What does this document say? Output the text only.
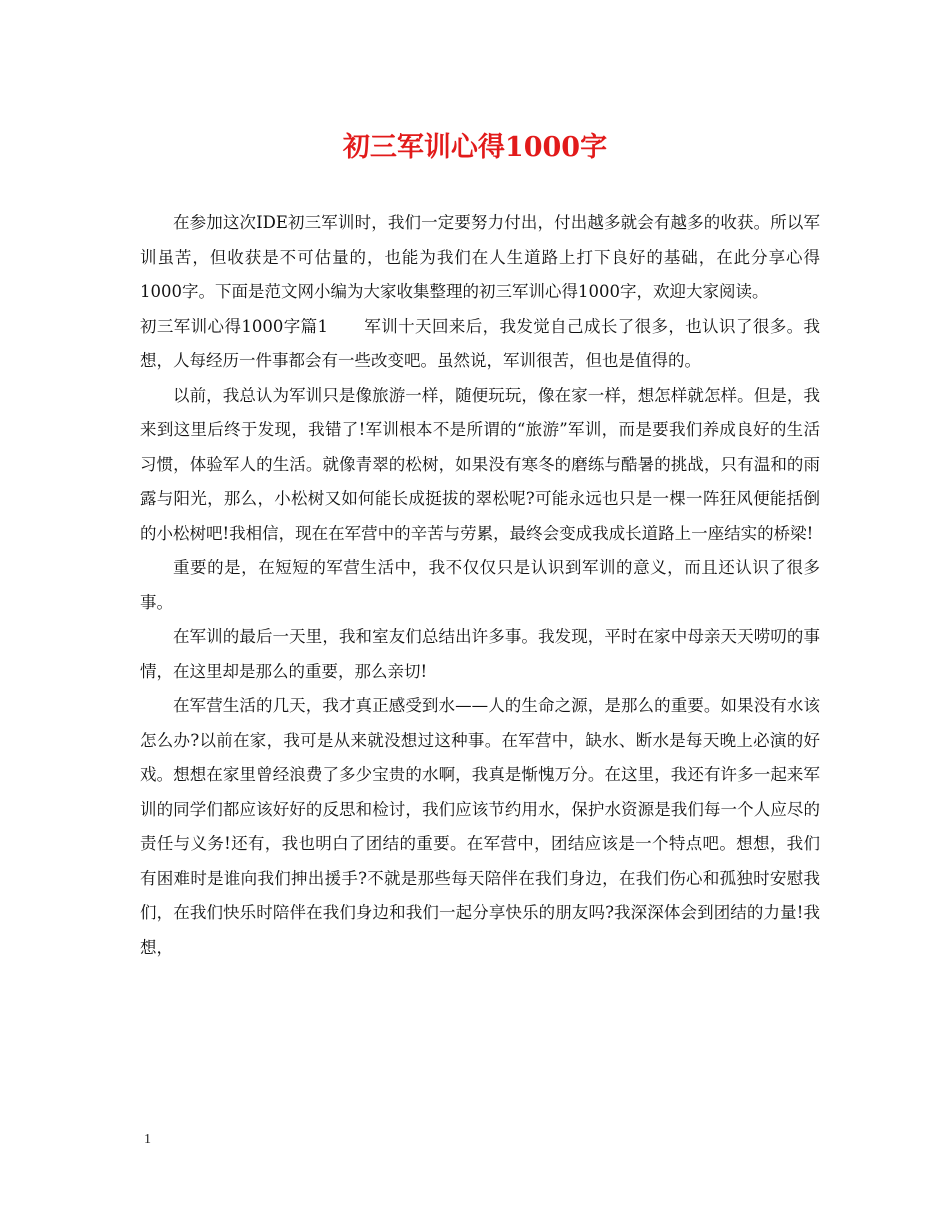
初三军训心得1000字

在参加这次IDE初三军训时，我们一定要努力付出，付出越多就会有越多的收获。所以军训虽苦，但收获是不可估量的，也能为我们在人生道路上打下良好的基础，在此分享心得1000字。下面是范文网小编为大家收集整理的初三军训心得1000字，欢迎大家阅读。

初三军训心得1000字篇1 军训十天回来后，我发觉自己成长了很多，也认识了很多。我想，人每经历一件事都会有一些改变吧。虽然说，军训很苦，但也是值得的。

以前，我总认为军训只是像旅游一样，随便玩玩，像在家一样，想怎样就怎样。但是，我来到这里后终于发现，我错了!军训根本不是所谓的“旅游”军训，而是要我们养成良好的生活习惯，体验军人的生活。就像青翠的松树，如果没有寒冬的磨练与酷暑的挑战，只有温和的雨露与阳光，那么，小松树又如何能长成挺拔的翠松呢?可能永远也只是一棵一阵狂风便能括倒的小松树吧!我相信，现在在军营中的辛苦与劳累，最终会变成我成长道路上一座结实的桥梁!

重要的是，在短短的军营生活中，我不仅仅只是认识到军训的意义，而且还认识了很多事。

在军训的最后一天里，我和室友们总结出许多事。我发现，平时在家中母亲天天唠叨的事情，在这里却是那么的重要，那么亲切!

在军营生活的几天，我才真正感受到水——人的生命之源，是那么的重要。如果没有水该怎么办?以前在家，我可是从来就没想过这种事。在军营中，缺水、断水是每天晚上必演的好戏。想想在家里曾经浪费了多少宝贵的水啊，我真是惭愧万分。在这里，我还有许多一起来军训的同学们都应该好好的反思和检讨，我们应该节约用水，保护水资源是我们每一个人应尽的责任与义务!还有，我也明白了团结的重要。在军营中，团结应该是一个特点吧。想想，我们有困难时是谁向我们抻出援手?不就是那些每天陪伴在我们身边，在我们伤心和孤独时安慰我们，在我们快乐时陪伴在我们身边和我们一起分享快乐的朋友吗?我深深体会到团结的力量!我想，

1
